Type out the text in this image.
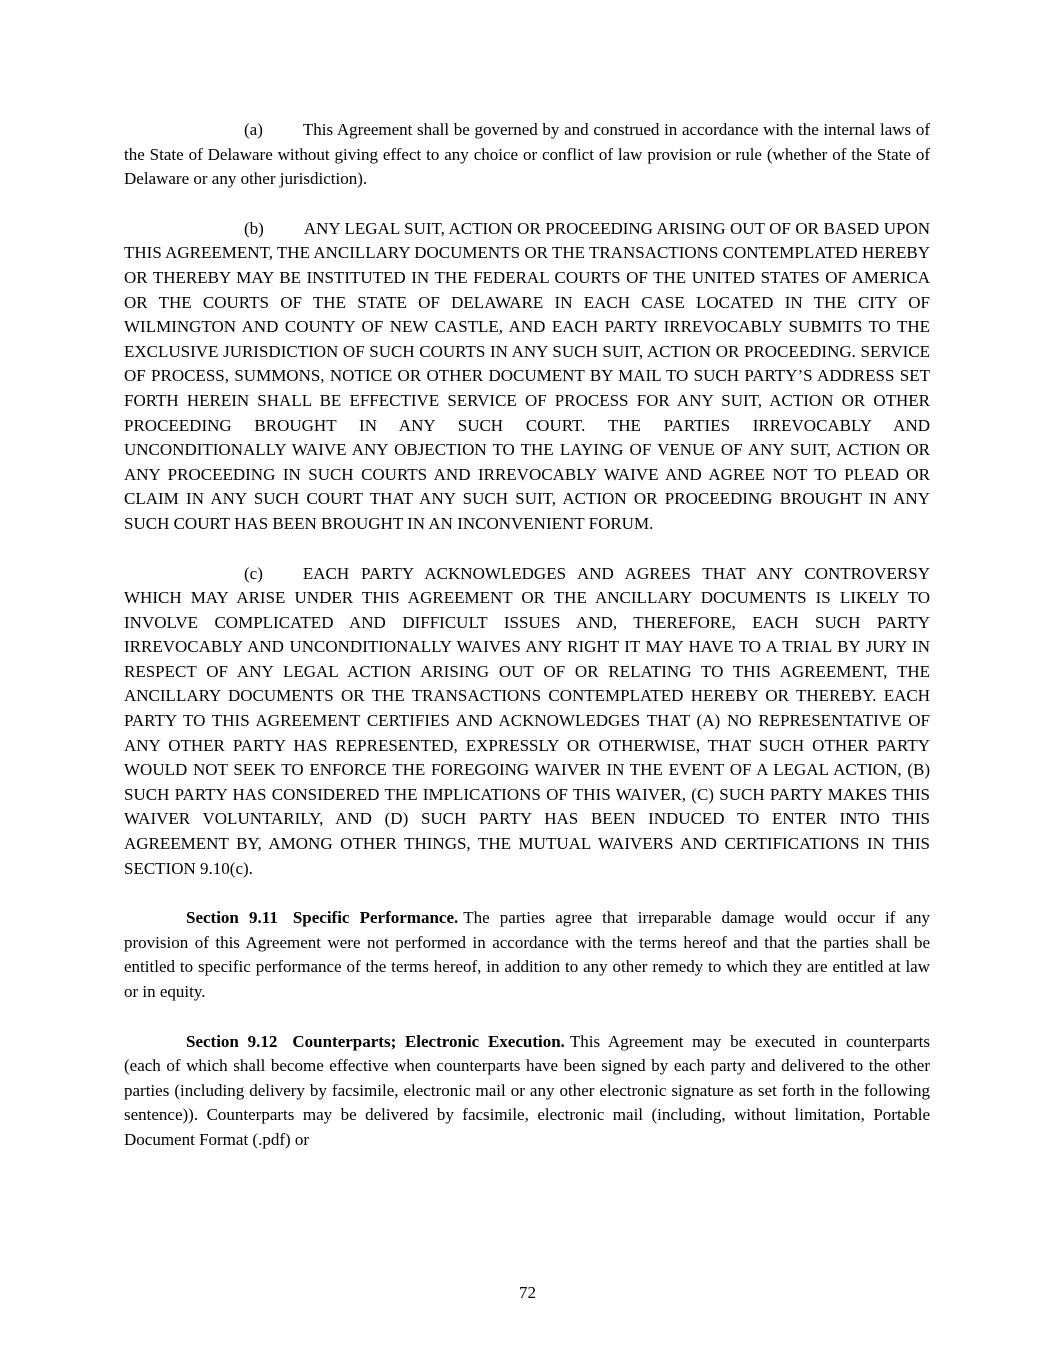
(a) This Agreement shall be governed by and construed in accordance with the internal laws of the State of Delaware without giving effect to any choice or conflict of law provision or rule (whether of the State of Delaware or any other jurisdiction).

(b) ANY LEGAL SUIT, ACTION OR PROCEEDING ARISING OUT OF OR BASED UPON THIS AGREEMENT, THE ANCILLARY DOCUMENTS OR THE TRANSACTIONS CONTEMPLATED HEREBY OR THEREBY MAY BE INSTITUTED IN THE FEDERAL COURTS OF THE UNITED STATES OF AMERICA OR THE COURTS OF THE STATE OF DELAWARE IN EACH CASE LOCATED IN THE CITY OF WILMINGTON AND COUNTY OF NEW CASTLE, AND EACH PARTY IRREVOCABLY SUBMITS TO THE EXCLUSIVE JURISDICTION OF SUCH COURTS IN ANY SUCH SUIT, ACTION OR PROCEEDING. SERVICE OF PROCESS, SUMMONS, NOTICE OR OTHER DOCUMENT BY MAIL TO SUCH PARTY’S ADDRESS SET FORTH HEREIN SHALL BE EFFECTIVE SERVICE OF PROCESS FOR ANY SUIT, ACTION OR OTHER PROCEEDING BROUGHT IN ANY SUCH COURT. THE PARTIES IRREVOCABLY AND UNCONDITIONALLY WAIVE ANY OBJECTION TO THE LAYING OF VENUE OF ANY SUIT, ACTION OR ANY PROCEEDING IN SUCH COURTS AND IRREVOCABLY WAIVE AND AGREE NOT TO PLEAD OR CLAIM IN ANY SUCH COURT THAT ANY SUCH SUIT, ACTION OR PROCEEDING BROUGHT IN ANY SUCH COURT HAS BEEN BROUGHT IN AN INCONVENIENT FORUM.

(c) EACH PARTY ACKNOWLEDGES AND AGREES THAT ANY CONTROVERSY WHICH MAY ARISE UNDER THIS AGREEMENT OR THE ANCILLARY DOCUMENTS IS LIKELY TO INVOLVE COMPLICATED AND DIFFICULT ISSUES AND, THEREFORE, EACH SUCH PARTY IRREVOCABLY AND UNCONDITIONALLY WAIVES ANY RIGHT IT MAY HAVE TO A TRIAL BY JURY IN RESPECT OF ANY LEGAL ACTION ARISING OUT OF OR RELATING TO THIS AGREEMENT, THE ANCILLARY DOCUMENTS OR THE TRANSACTIONS CONTEMPLATED HEREBY OR THEREBY. EACH PARTY TO THIS AGREEMENT CERTIFIES AND ACKNOWLEDGES THAT (A) NO REPRESENTATIVE OF ANY OTHER PARTY HAS REPRESENTED, EXPRESSLY OR OTHERWISE, THAT SUCH OTHER PARTY WOULD NOT SEEK TO ENFORCE THE FOREGOING WAIVER IN THE EVENT OF A LEGAL ACTION, (B) SUCH PARTY HAS CONSIDERED THE IMPLICATIONS OF THIS WAIVER, (C) SUCH PARTY MAKES THIS WAIVER VOLUNTARILY, AND (D) SUCH PARTY HAS BEEN INDUCED TO ENTER INTO THIS AGREEMENT BY, AMONG OTHER THINGS, THE MUTUAL WAIVERS AND CERTIFICATIONS IN THIS SECTION 9.10(c).

Section 9.11 Specific Performance. The parties agree that irreparable damage would occur if any provision of this Agreement were not performed in accordance with the terms hereof and that the parties shall be entitled to specific performance of the terms hereof, in addition to any other remedy to which they are entitled at law or in equity.

Section 9.12 Counterparts; Electronic Execution. This Agreement may be executed in counterparts (each of which shall become effective when counterparts have been signed by each party and delivered to the other parties (including delivery by facsimile, electronic mail or any other electronic signature as set forth in the following sentence)). Counterparts may be delivered by facsimile, electronic mail (including, without limitation, Portable Document Format (.pdf) or

72
